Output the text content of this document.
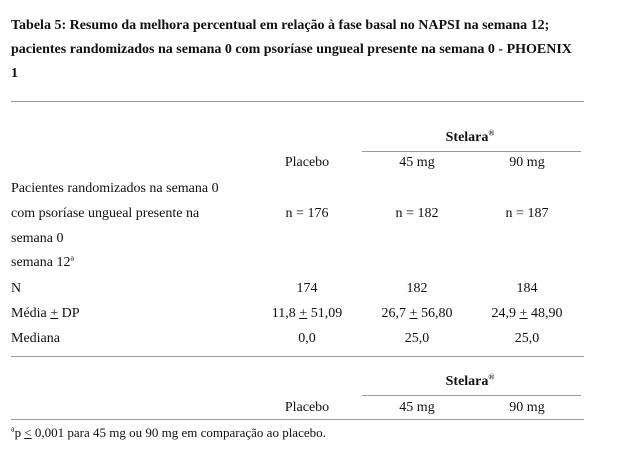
Tabela 5: Resumo da melhora percentual em relação à fase basal no NAPSI na semana 12;
pacientes randomizados na semana 0 com psoríase ungueal presente na semana 0 - PHOENIX
1
Stelara®
Placebo	45 mg	90 mg
Pacientes randomizados na semana 0
com psoríase ungueal presente na
semana 0
n = 176	n = 182	n = 187
semana 12$^a$
N	174	182	184
Média + DP	11,8 + 51,09	26,7 + 56,80	24,9 + 48,90
Mediana	0,0	25,0	25,0
Stelara®
Placebo	45 mg	90 mg
$^a$p ≤ 0,001 para 45 mg ou 90 mg em comparação ao placebo.
